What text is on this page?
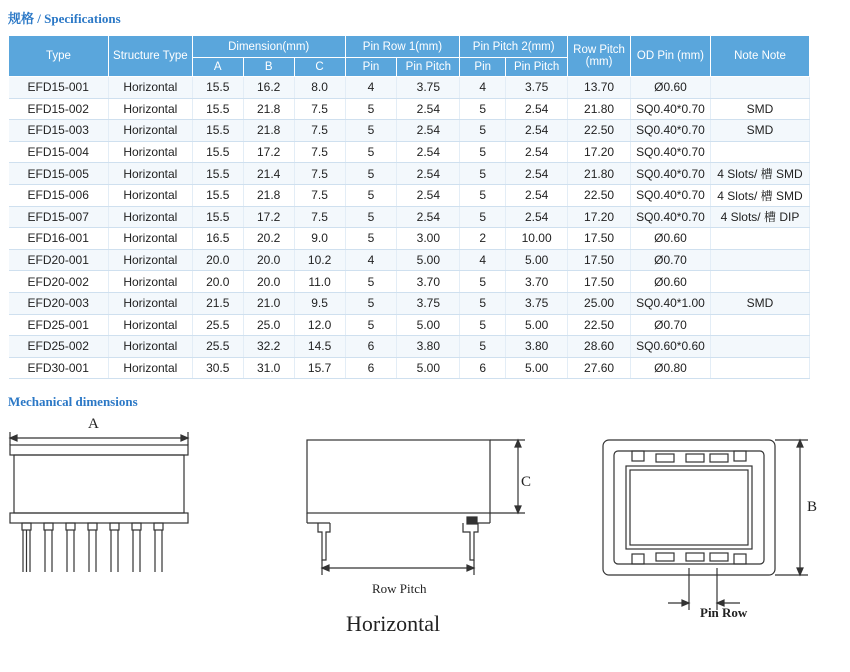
规格 / Specifications
Type	Structure Type	Dimension(mm)			Pin Row 1(mm)		Pin Pitch 2(mm)		Row Pitch (mm)	OD Pin (mm)	Note Note
		A	B	C	Pin	Pin Pitch	Pin	Pin Pitch			
EFD15-001	Horizontal	15.5	16.2	8.0	4	3.75	4	3.75	13.70	Ø0.60	
EFD15-002	Horizontal	15.5	21.8	7.5	5	2.54	5	2.54	21.80	SQ0.40*0.70	SMD
EFD15-003	Horizontal	15.5	21.8	7.5	5	2.54	5	2.54	22.50	SQ0.40*0.70	SMD
EFD15-004	Horizontal	15.5	17.2	7.5	5	2.54	5	2.54	17.20	SQ0.40*0.70	
EFD15-005	Horizontal	15.5	21.4	7.5	5	2.54	5	2.54	21.80	SQ0.40*0.70	4 Slots/ 槽 SMD
EFD15-006	Horizontal	15.5	21.8	7.5	5	2.54	5	2.54	22.50	SQ0.40*0.70	4 Slots/ 槽 SMD
EFD15-007	Horizontal	15.5	17.2	7.5	5	2.54	5	2.54	17.20	SQ0.40*0.70	4 Slots/ 槽 DIP
EFD16-001	Horizontal	16.5	20.2	9.0	5	3.00	2	10.00	17.50	Ø0.60	
EFD20-001	Horizontal	20.0	20.0	10.2	4	5.00	4	5.00	17.50	Ø0.70	
EFD20-002	Horizontal	20.0	20.0	11.0	5	3.70	5	3.70	17.50	Ø0.60	
EFD20-003	Horizontal	21.5	21.0	9.5	5	3.75	5	3.75	25.00	SQ0.40*1.00	SMD
EFD25-001	Horizontal	25.5	25.0	12.0	5	5.00	5	5.00	22.50	Ø0.70	
EFD25-002	Horizontal	25.5	32.2	14.5	6	3.80	5	3.80	28.60	SQ0.60*0.60	
EFD30-001	Horizontal	30.5	31.0	15.7	6	5.00	6	5.00	27.60	Ø0.80	
Mechanical dimensions
A
C
B
Row Pitch
Pin Row
Horizontal
